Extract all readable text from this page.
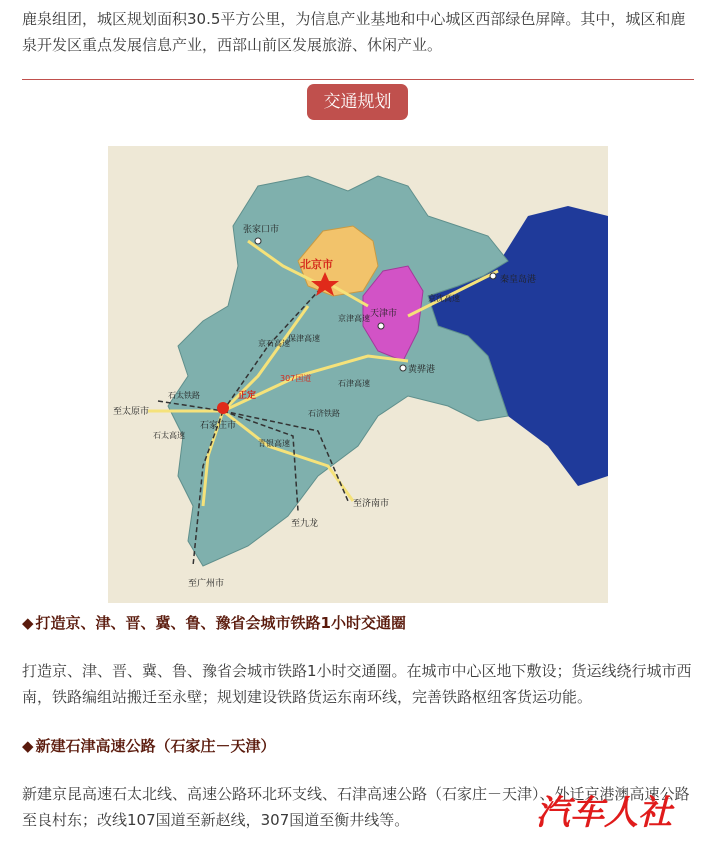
鹿泉组团，城区规划面积30.5平方公里，为信息产业基地和中心城区西部绿色屏障。其中，城区和鹿泉开发区重点发展信息产业，西部山前区发展旅游、休闲产业。
交通规划
北京市
张家口市
天津市
秦皇岛港
黄骅港
石家庄市
正定
至太原市
至济南市
至九龙
至广州市
京津高速
京沈高速
京石高速
保津高速
石津高速
石太高速
石太铁路
307国道
石济铁路
青银高速
◆ 打造京、津、晋、冀、鲁、豫省会城市铁路1小时交通圈
打造京、津、晋、冀、鲁、豫省会城市铁路1小时交通圈。在城市中心区地下敷设；货运线绕行城市西南，铁路编组站搬迁至永壁；规划建设铁路货运东南环线，完善铁路枢纽客货运功能。
◆ 新建石津高速公路（石家庄－天津）
新建京昆高速石太北线、高速公路环北环支线、石津高速公路（石家庄－天津）、外迁京港澳高速公路至良村东；改线107国道至新赵线，307国道至衡井线等。	汽车人社
